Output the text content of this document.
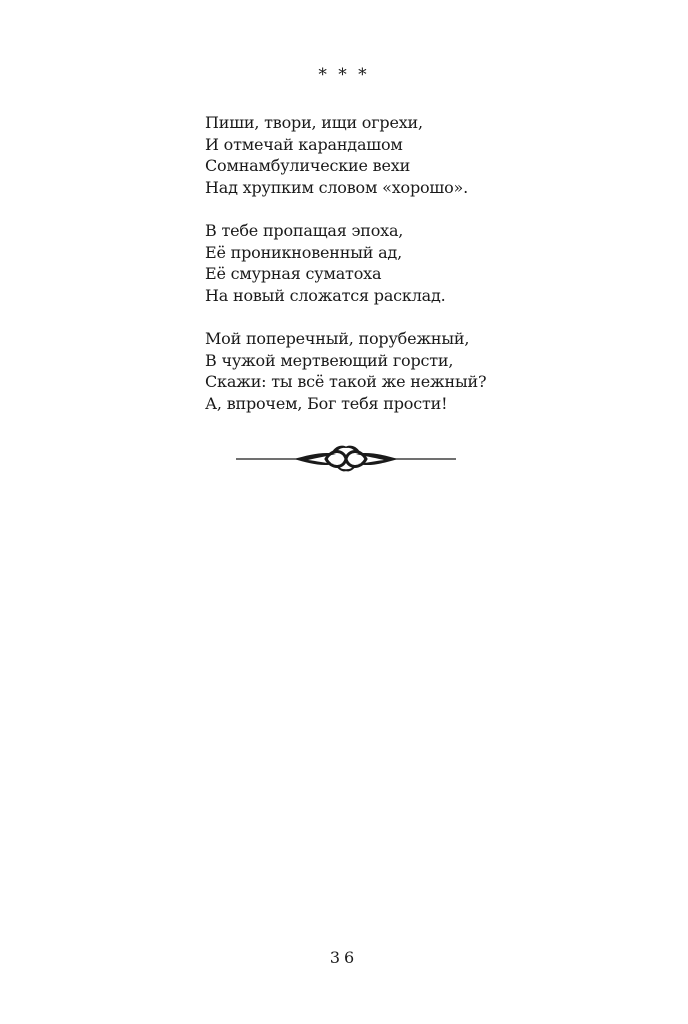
* * *
Пиши, твори, ищи огрехи,
И отмечай карандашом
Сомнамбулические вехи
Над хрупким словом «хорошо».
В тебе пропащая эпоха,
Её проникновенный ад,
Её смурная суматоха
На новый сложатся расклад.
Мой поперечный, порубежный,
В чужой мертвеющий горсти,
Скажи: ты всё такой же нежный?
А, впрочем, Бог тебя прости!
36
